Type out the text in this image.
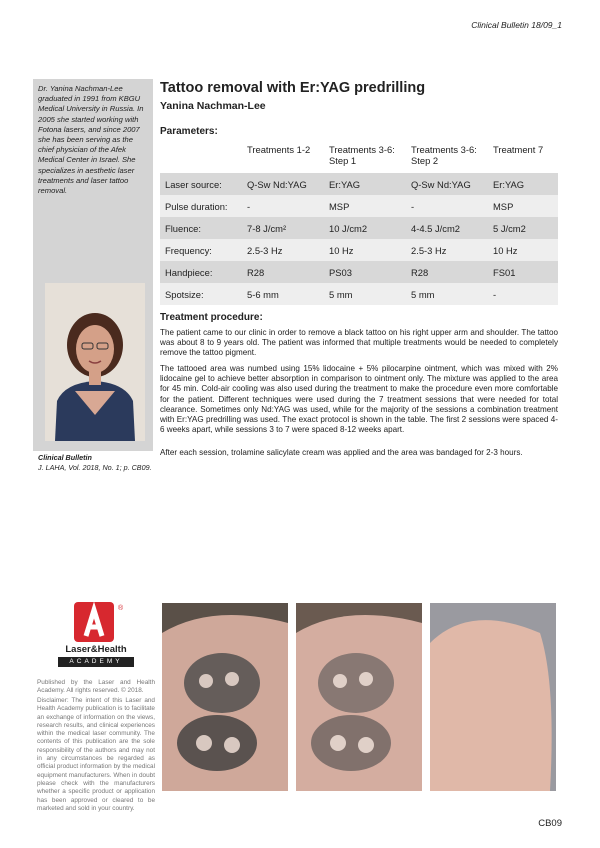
Clinical Bulletin 18/09_1
Dr. Yanina Nachman-Lee graduated in 1991 from KBGU Medical University in Russia. In 2005 she started working with Fotona lasers, and since 2007 she has been serving as the chief physician of the Afek Medical Center in Israel. She specializes in aesthetic laser treatments and laser tattoo removal.
Clinical Bulletin
J. LAHA, Vol. 2018, No. 1; p. CB09.
Tattoo removal with Er:YAG predrilling
Yanina Nachman-Lee
Parameters:
	Treatments 1-2	Treatments 3-6: Step 1	Treatments 3-6: Step 2	Treatment 7
Laser source:	Q-Sw Nd:YAG	Er:YAG	Q-Sw Nd:YAG	Er:YAG
Pulse duration:	-	MSP	-	MSP
Fluence:	7-8 J/cm²	10 J/cm2	4-4.5 J/cm2	5 J/cm2
Frequency:	2.5-3 Hz	10 Hz	2.5-3 Hz	10 Hz
Handpiece:	R28	PS03	R28	FS01
Spotsize:	5-6 mm	5 mm	5 mm	-
Treatment procedure:
The patient came to our clinic in order to remove a black tattoo on his right upper arm and shoulder. The tattoo was about 8 to 9 years old. The patient was informed that multiple treatments would be needed to completely remove the tattoo pigment.
The tattooed area was numbed using 15% lidocaine + 5% pilocarpine ointment, which was mixed with 2% lidocaine gel to achieve better absorption in comparison to ointment only. The mixture was applied to the area for 45 min. Cold-air cooling was also used during the treatment to make the procedure even more comfortable for the patient. Different techniques were used during the 7 treatment sessions that were needed for total clearance. Sometimes only Nd:YAG was used, while for the majority of the sessions a combination treatment with Er:YAG predrilling was used. The exact protocol is shown in the table. The first 2 sessions were spaced 4-6 weeks apart, while sessions 3 to 7 were spaced 8-12 weeks apart.
After each session, trolamine salicylate cream was applied and the area was bandaged for 2-3 hours.
®
Laser&Health
ACADEMY
Published by the Laser and Health Academy. All rights reserved. © 2018.
Disclaimer: The intent of this Laser and Health Academy publication is to facilitate an exchange of information on the views, research results, and clinical experiences within the medical laser community. The contents of this publication are the sole responsibility of the authors and may not in any circumstances be regarded as official product information by the medical equipment manufacturers. When in doubt please check with the manufacturers whether a specific product or application has been approved or cleared to be marketed and sold in your country.
CB09
